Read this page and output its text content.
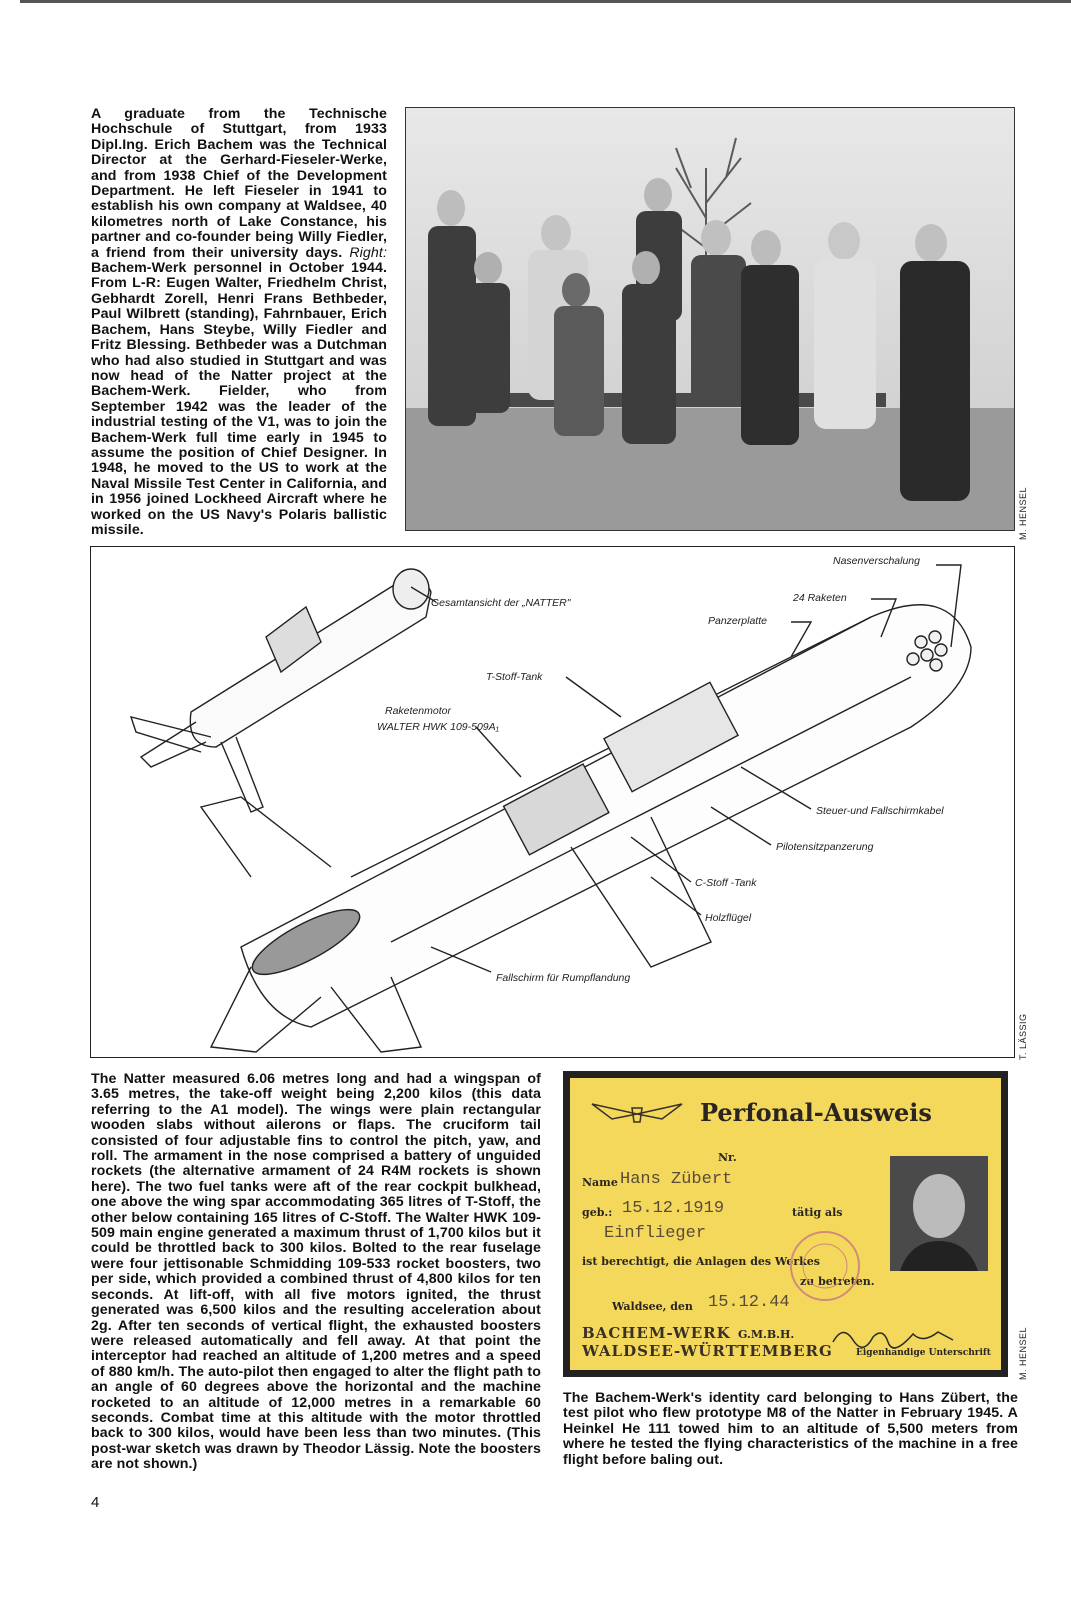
A graduate from the Technische Hochschule of Stuttgart, from 1933 Dipl.Ing. Erich Bachem was the Technical Director at the Gerhard-Fieseler-Werke, and from 1938 Chief of the Development Department. He left Fieseler in 1941 to establish his own company at Waldsee, 40 kilometres north of Lake Constance, his partner and co-founder being Willy Fiedler, a friend from their university days. Right: Bachem-Werk personnel in October 1944. From L-R: Eugen Walter, Friedhelm Christ, Gebhardt Zorell, Henri Frans Bethbeder, Paul Wilbrett (standing), Fahrnbauer, Erich Bachem, Hans Steybe, Willy Fiedler and Fritz Blessing. Bethbeder was a Dutchman who had also studied in Stuttgart and was now head of the Natter project at the Bachem-Werk. Fielder, who from September 1942 was the leader of the industrial testing of the V1, was to join the Bachem-Werk full time early in 1945 to assume the position of Chief Designer. In 1948, he moved to the US to work at the Naval Missile Test Center in California, and in 1956 joined Lockheed Aircraft where he worked on the US Navy's Polaris ballistic missile.	M. HENSEL
Gesamtansicht der „NATTER"
Nasenverschalung
24 Raketen
Panzerplatte
T-Stoff-Tank
Raketenmotor
WALTER HWK 109-509A₁
Steuer-und Fallschirmkabel
Pilotensitzpanzerung
C-Stoff -Tank
Holzflügel
Fallschirm für Rumpflandung
T. LÄSSIG
The Natter measured 6.06 metres long and had a wingspan of 3.65 metres, the take-off weight being 2,200 kilos (this data referring to the A1 model). The wings were plain rectangular wooden slabs without ailerons or flaps. The cruciform tail consisted of four adjustable fins to control the pitch, yaw, and roll. The armament in the nose comprised a battery of unguided rockets (the alternative armament of 24 R4M rockets is shown here). The two fuel tanks were aft of the rear cockpit bulkhead, one above the wing spar accommodating 365 litres of T-Stoff, the other below containing 165 litres of C-Stoff. The Walter HWK 109-509 main engine generated a maximum thrust of 1,700 kilos but it could be throttled back to 300 kilos. Bolted to the rear fuselage were four jettisonable Schmidding 109-533 rocket boosters, two per side, which provided a combined thrust of 4,800 kilos for ten seconds. At lift-off, with all five motors ignited, the thrust generated was 6,500 kilos and the resulting acceleration about 2g. After ten seconds of vertical flight, the exhausted boosters were released automatically and fell away. At that point the interceptor had reached an altitude of 1,200 metres and a speed of 880 km/h. The auto-pilot then engaged to alter the flight path to an angle of 60 degrees above the horizontal and the machine rocketed to an altitude of 12,000 metres in a remarkable 60 seconds. Combat time at this altitude with the motor throttled back to 300 kilos, would have been less than two minutes. (This post-war sketch was drawn by Theodor Lässig. Note the boosters are not shown.)
Perfonal-Ausweis
Nr.
Name Hans Zübert
geb.: 15.12.1919	tätig als
Einflieger
ist berechtigt, die Anlagen des Werkes
zu betreten.
Waldsee, den 15.12.44
BACHEM-WERK G.M.B.H.
WALDSEE-WÜRTTEMBERG	Eigenhändige Unterschrift	M. HENSEL
The Bachem-Werk's identity card belonging to Hans Zübert, the test pilot who flew prototype M8 of the Natter in February 1945. A Heinkel He 111 towed him to an altitude of 5,500 meters from where he tested the flying characteristics of the machine in a free flight before baling out.
4
